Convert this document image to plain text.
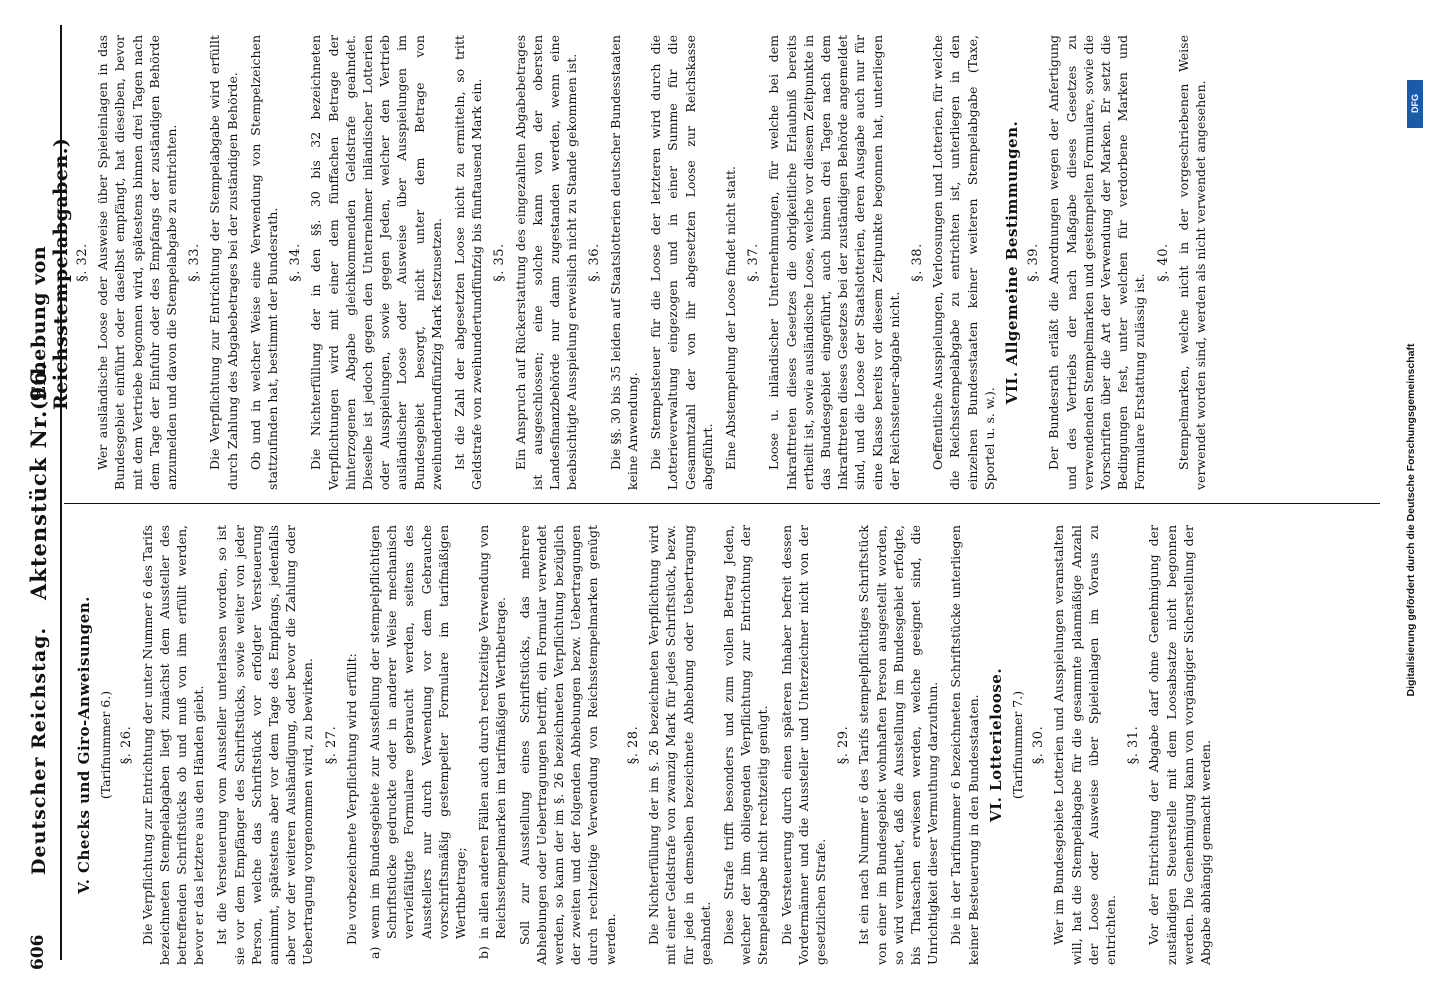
606
Deutscher Reichstag.
Aktenstück Nr. 96.
(Erhebung von Reichsstempelabgaben.)
V. Checks und Giro-Anweisungen. (Tarifnummer 6.) §. 26. Die Verpflichtung zur Entrichtung der unter Nummer 6 des Tarifs bezeichneten Stempelabgaben liegt zunächst dem Aussteller des betreffenden Schriftstücks ob und muß von ihm erfüllt werden, bevor er das letztere aus den Händen giebt. Ist die Versteuerung vom Aussteller unterlassen worden, so ist sie vor dem Empfänger des Schriftstücks, sowie weiter von jeder Person, welche das Schriftstück vor erfolgter Versteuerung annimmt, spätestens aber vor dem Tage des Empfangs, jedenfalls aber vor der weiteren Aushändigung, oder bevor die Zahlung oder Uebertragung vorgenommen wird, zu bewirken. §. 27. Die vorbezeichnete Verpflichtung wird erfüllt:

a)
wenn im Bundesgebiete zur Ausstellung der stempelpflichtigen Schriftstücke gedruckte oder in anderer Weise mechanisch vervielfältigte Formulare gebraucht werden, seitens des Ausstellers nur durch Verwendung vor dem Gebrauche vorschriftsmäßig gestempelter Formulare im tarifmäßigen Werthbetrage;

b)
in allen anderen Fällen auch durch rechtzeitige Verwendung von Reichsstempelmarken im tarifmäßigen Werthbetrage. Soll zur Ausstellung eines Schriftstücks, das mehrere Abhebungen oder Uebertragungen betrifft, ein Formular verwendet werden, so kann der im §. 26 bezeichneten Verpflichtung bezüglich der zweiten und der folgenden Abhebungen bezw. Uebertragungen durch rechtzeitige Verwendung von Reichsstempelmarken genügt werden.

§. 28. Die Nichterfüllung der im §. 26 bezeichneten Verpflichtung wird mit einer Geldstrafe von zwanzig Mark für jedes Schriftstück, bezw. für jede in demselben bezeichnete Abhebung oder Uebertragung geahndet. Diese Strafe trifft besonders und zum vollen Betrag Jeden, welcher der ihm obliegenden Verpflichtung zur Entrichtung der Stempelabgabe nicht rechtzeitig genügt. Die Versteuerung durch einen späteren Inhaber befreit dessen Vordermänner und die Aussteller und Unterzeichner nicht von der gesetzlichen Strafe.

§. 29. Ist ein nach Nummer 6 des Tarifs stempelpflichtiges Schriftstück von einer im Bundesgebiet wohnhaften Person ausgestellt worden, so wird vermuthet, daß die Ausstellung im Bundesgebiet erfolgte, bis Thatsachen erwiesen werden, welche geeignet sind, die Unrichtigkeit dieser Vermuthung darzuthun. Die in der Tarifnummer 6 bezeichneten Schriftstücke unterliegen keiner Besteuerung in den Bundesstaaten. VI. Lotterieloose. (Tarifnummer 7.) §. 30. Wer im Bundesgebiete Lotterien und Ausspielungen veranstalten will, hat die Stempelabgabe für die gesammte planmäßige Anzahl der Loose oder Ausweise über Spieleinlagen im Voraus zu entrichten.

§. 31. Vor der Entrichtung der Abgabe darf ohne Genehmigung der zuständigen Steuerstelle mit dem Loosabsatze nicht begonnen werden. Die Genehmigung kann von vorgängiger Sicherstellung der Abgabe abhängig gemacht werden.

§. 32. Wer ausländische Loose oder Ausweise über Spieleinlagen in das Bundesgebiet einführt oder daselbst empfängt, hat dieselben, bevor mit dem Vertriebe begonnen wird, spätestens binnen drei Tagen nach dem Tage der Einfuhr oder des Empfangs der zuständigen Behörde anzumelden und davon die Stempelabgabe zu entrichten. §. 33. Die Verpflichtung zur Entrichtung der Stempelabgabe wird erfüllt durch Zahlung des Abgabebetrages bei der zuständigen Behörde. Ob und in welcher Weise eine Verwendung von Stempelzeichen stattzufinden hat, bestimmt der Bundesrath. §. 34. Die Nichterfüllung der in den §§. 30 bis 32 bezeichneten Verpflichtungen wird mit einer dem fünffachen Betrage der hinterzogenen Abgabe gleichkommenden Geldstrafe geahndet. Dieselbe ist jedoch gegen den Unternehmer inländischer Lotterien oder Ausspielungen, sowie gegen Jeden, welcher den Vertrieb ausländischer Loose oder Ausweise über Ausspielungen im Bundesgebiet besorgt, nicht unter dem Betrage von zweihundertundfünfzig Mark festzusetzen. Ist die Zahl der abgesetzten Loose nicht zu ermitteln, so tritt Geldstrafe von zweihundertundfünfzig bis fünftausend Mark ein. §. 35. Ein Anspruch auf Rückerstattung des eingezahlten Abgabebetrages ist ausgeschlossen; eine solche kann von der obersten Landesfinanzbehörde nur dann zugestanden werden, wenn eine beabsichtigte Ausspielung erweislich nicht zu Stande gekommen ist. §. 36. Die §§. 30 bis 35 leiden auf Staatslotterien deutscher Bundesstaaten keine Anwendung. Die Stempelsteuer für die Loose der letzteren wird durch die Lotterieverwaltung eingezogen und in einer Summe für die Gesammtzahl der von ihr abgesetzten Loose zur Reichskasse abgeführt. Eine Abstempelung der Loose findet nicht statt. §. 37. Loose u. inländischer Unternehmungen, für welche bei dem Inkrafttreten dieses Gesetzes die obrigkeitliche Erlaubniß bereits ertheilt ist, sowie ausländische Loose, welche vor diesem Zeitpunkte in das Bundesgebiet eingeführt, auch binnen drei Tagen nach dem Inkrafttreten dieses Gesetzes bei der zuständigen Behörde angemeldet sind, und die Loose der Staatslotterien, deren Ausgabe auch nur für eine Klasse bereits vor diesem Zeitpunkte begonnen hat, unterliegen der Reichssteuer-abgabe nicht.

§. 38. Oeffentliche Ausspielungen, Verloosungen und Lotterien, für welche die Reichsstempelabgabe zu entrichten ist, unterliegen in den einzelnen Bundesstaaten keiner weiteren Stempelabgabe (Taxe, Sportel u. s. w.).

VII. Allgemeine Bestimmungen. §. 39. Der Bundesrath erläßt die Anordnungen wegen der Anfertigung und des Vertriebs der nach Maßgabe dieses Gesetzes zu verwendenden Stempelmarken und gestempelten Formulare, sowie die Vorschriften über die Art der Verwendung der Marken. Er setzt die Bedingungen fest, unter welchen für verdorbene Marken und Formulare Erstattung zulässig ist.

§. 40. Stempelmarken, welche nicht in der vorgeschriebenen Weise verwendet worden sind, werden als nicht verwendet angesehen.	DFG
Digitalisierung gefördert durch die Deutsche Forschungsgemeinschaft
